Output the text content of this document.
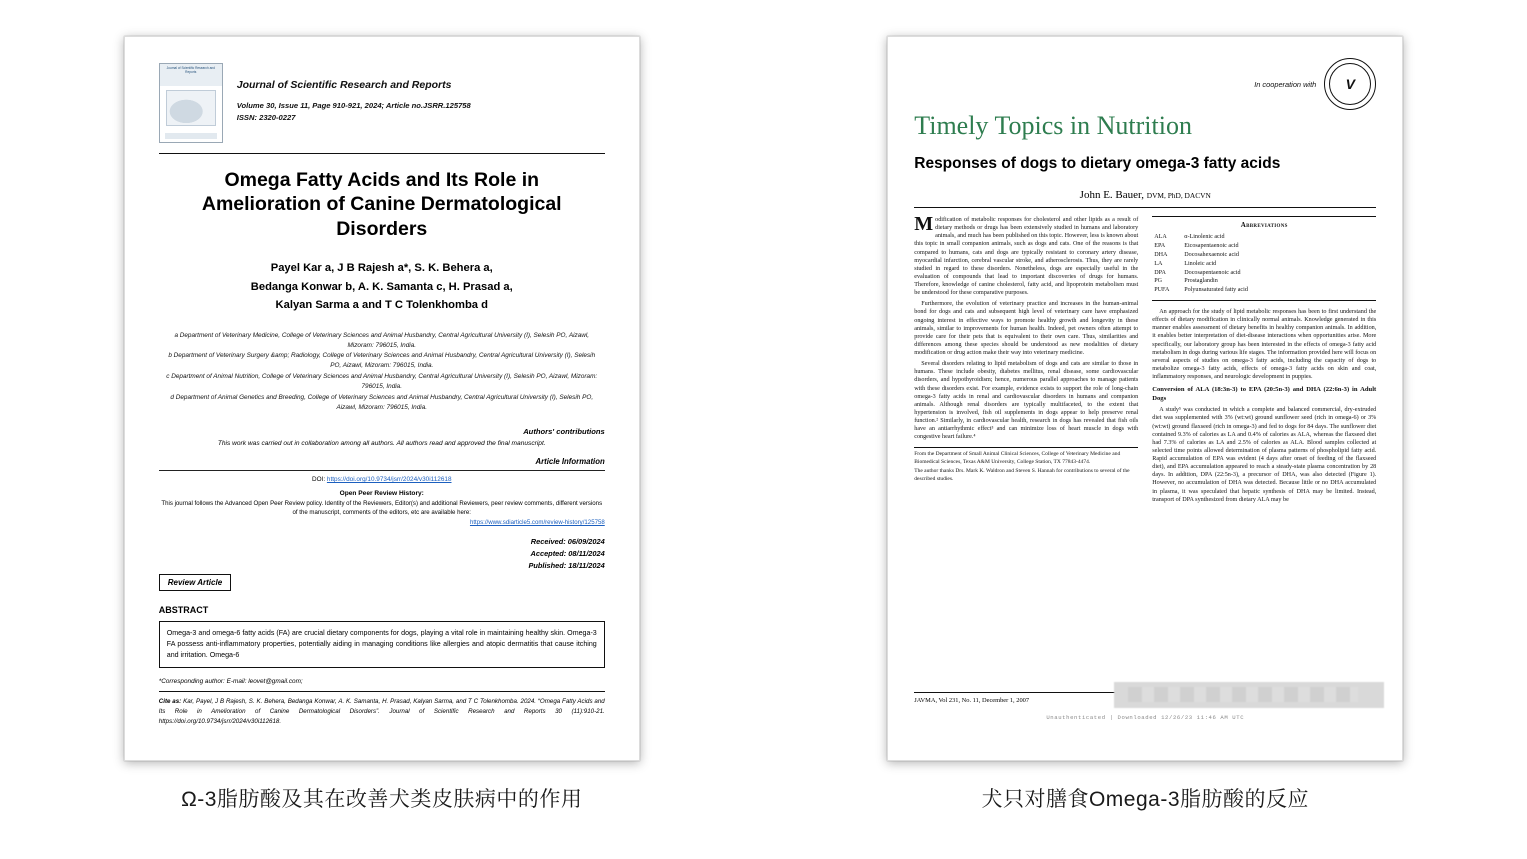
Journal of Scientific Research and Reports
Journal of Scientific Research and Reports
Volume 30, Issue 11, Page 910-921, 2024; Article no.JSRR.125758
ISSN: 2320-0227
Omega Fatty Acids and Its Role in Amelioration of Canine Dermatological Disorders
Payel Kar a, J B Rajesh a*, S. K. Behera a,
Bedanga Konwar b, A. K. Samanta c, H. Prasad a,
Kalyan Sarma a and T C Tolenkhomba d
a Department of Veterinary Medicine, College of Veterinary Sciences and Animal Husbandry, Central Agricultural University (I), Selesih PO, Aizawl, Mizoram: 796015, India.
b Department of Veterinary Surgery &amp; Radiology, College of Veterinary Sciences and Animal Husbandry, Central Agricultural University (I), Selesih PO, Aizawl, Mizoram: 796015, India.
c Department of Animal Nutrition, College of Veterinary Sciences and Animal Husbandry, Central Agricultural University (I), Selesih PO, Aizawl, Mizoram: 796015, India.
d Department of Animal Genetics and Breeding, College of Veterinary Sciences and Animal Husbandry, Central Agricultural University (I), Selesih PO, Aizawl, Mizoram: 796015, India.
Authors' contributions
This work was carried out in collaboration among all authors. All authors read and approved the final manuscript.
Article Information
DOI: https://doi.org/10.9734/jsrr/2024/v30i112618
Open Peer Review History:
This journal follows the Advanced Open Peer Review policy. Identity of the Reviewers, Editor(s) and additional Reviewers, peer review comments, different versions of the manuscript, comments of the editors, etc are available here:
https://www.sdiarticle5.com/review-history/125758
Received: 06/09/2024
Accepted: 08/11/2024
Published: 18/11/2024
Review Article
ABSTRACT
Omega-3 and omega-6 fatty acids (FA) are crucial dietary components for dogs, playing a vital role in maintaining healthy skin. Omega-3 FA possess anti-inflammatory properties, potentially aiding in managing conditions like allergies and atopic dermatitis that cause itching and irritation. Omega-6
*Corresponding author: E-mail: leovet@gmail.com;
Cite as: Kar, Payel, J B Rajesh, S. K. Behera, Bedanga Konwar, A. K. Samanta, H. Prasad, Kalyan Sarma, and T C Tolenkhomba. 2024. “Omega Fatty Acids and Its Role in Amelioration of Canine Dermatological Disorders”. Journal of Scientific Research and Reports 30 (11):910-21. https://doi.org/10.9734/jsrr/2024/v30i112618.
Ω-3脂肪酸及其在改善犬类皮肤病中的作用
In cooperation with	V
Timely Topics in Nutrition
Responses of dogs to dietary omega-3 fatty acids
John E. Bauer, DVM, PhD, DACVN

Modification of metabolic responses for cholesterol and other lipids as a result of dietary methods or drugs has been extensively studied in humans and laboratory animals, and much has been published on this topic. However, less is known about this topic in small companion animals, such as dogs and cats. One of the reasons is that compared to humans, cats and dogs are typically resistant to coronary artery disease, myocardial infarction, cerebral vascular stroke, and atherosclerosis. Thus, they are rarely studied in regard to these disorders. Nonetheless, dogs are especially useful in the evaluation of compounds that lead to important discoveries of drugs for humans. Therefore, knowledge of canine cholesterol, fatty acid, and lipoprotein metabolism must be understood for these comparative purposes.

Furthermore, the evolution of veterinary practice and increases in the human-animal bond for dogs and cats and subsequent high level of veterinary care have emphasized ongoing interest in effective ways to promote healthy growth and longevity in these animals, similar to improvements for human health. Indeed, pet owners often attempt to provide care for their pets that is equivalent to their own care. Thus, similarities and differences among these species should be understood as new modalities of dietary modification or drug action make their way into veterinary medicine.

Several disorders relating to lipid metabolism of dogs and cats are similar to those in humans. These include obesity, diabetes mellitus, renal disease, some cardiovascular disorders, and hypothyroidism; hence, numerous parallel approaches to manage patients with these disorders exist. For example, evidence exists to support the role of long-chain omega-3 fatty acids in renal and cardiovascular disorders in humans and companion animals. Although renal disorders are typically multifaceted, to the extent that hypertension is involved, fish oil supplements in dogs appear to help preserve renal function.² Similarly, in cardiovascular health, research in dogs has revealed that fish oils have an antiarrhythmic effect³ and can minimize loss of heart muscle in dogs with congestive heart failure.⁴

From the Department of Small Animal Clinical Sciences, College of Veterinary Medicine and Biomedical Sciences, Texas A&M University, College Station, TX 77843-4474.

The author thanks Drs. Mark K. Waldron and Steven S. Hannah for contributions to several of the described studies.

Abbreviations
ALA	α-Linolenic acid
EPA	Eicosapentaenoic acid
DHA	Docosahexaenoic acid
LA	Linoleic acid
DPA	Docosapentaenoic acid
PG	Prostaglandin
PUFA	Polyunsaturated fatty acid

An approach for the study of lipid metabolic responses has been to first understand the effects of dietary modification in clinically normal animals. Knowledge generated in this manner enables assessment of dietary benefits in healthy companion animals. In addition, it enables better interpretation of diet-disease interactions when opportunities arise. More specifically, our laboratory group has been interested in the effects of omega-3 fatty acid metabolism in dogs during various life stages. The information provided here will focus on several aspects of studies on omega-3 fatty acids, including the capacity of dogs to metabolize omega-3 fatty acids, effects of omega-3 fatty acids on skin and coat, inflammatory responses, and neurologic development in puppies.

Conversion of ALA (18:3n-3) to EPA (20:5n-3) and DHA (22:6n-3) in Adult Dogs

A study⁵ was conducted in which a complete and balanced commercial, dry-extruded diet was supplemented with 3% (wt:wt) ground sunflower seed (rich in omega-6) or 3% (wt:wt) ground flaxseed (rich in omega-3) and fed to dogs for 84 days. The sunflower diet contained 9.3% of calories as LA and 0.4% of calories as ALA, whereas the flaxseed diet had 7.3% of calories as LA and 2.5% of calories as ALA. Blood samples collected at selected time points allowed determination of plasma patterns of phospholipid fatty acid. Rapid accumulation of EPA was evident (4 days after onset of feeding of the flaxseed diet), and EPA accumulation appeared to reach a steady-state plasma concentration by 28 days. In addition, DPA (22:5n-3), a precursor of DHA, was also detected (Figure 1). However, no accumulation of DHA was detected. Because little or no DHA accumulated in plasma, it was speculated that hepatic synthesis of DHA may be limited. Instead, transport of DPA synthesized from dietary ALA may be

JAVMA, Vol 231, No. 11, December 1, 2007
Unauthenticated | Downloaded 12/26/23 11:46 AM UTC
犬只对膳食Omega-3脂肪酸的反应
